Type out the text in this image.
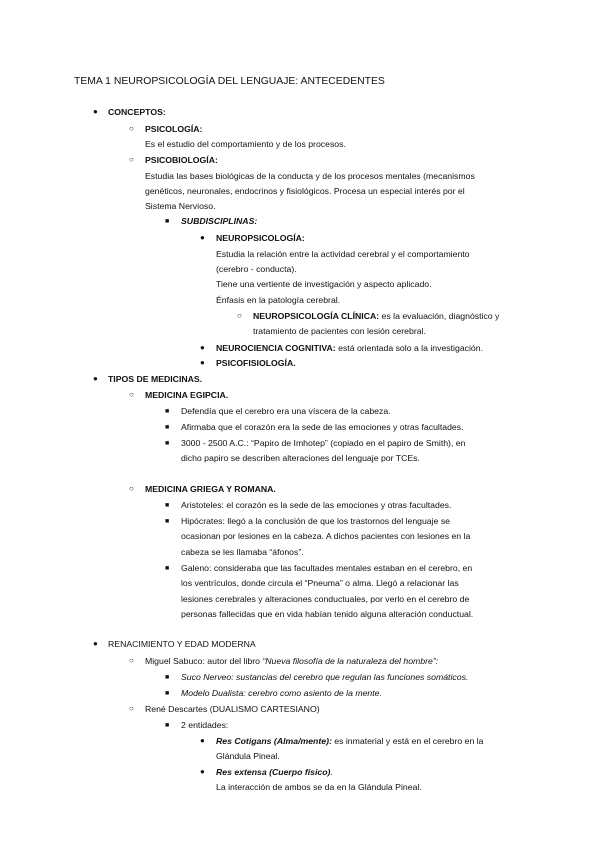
TEMA 1 NEUROPSICOLOGÍA DEL LENGUAJE: ANTECEDENTES
●
CONCEPTOS:
○
PSICOLOGÍA:
Es el estudio del comportamiento y de los procesos.
○
PSICOBIOLOGÍA:
Estudia las bases biológicas de la conducta y de los procesos mentales (mecanismos
genéticos, neuronales, endocrinos y fisiológicos. Procesa un especial interés por el
Sistema Nervioso.
■
SUBDISCIPLINAS:
●
NEUROPSICOLOGÍA:
Estudia la relación entre la actividad cerebral y el comportamiento
(cerebro - conducta).
Tiene una vertiente de investigación y aspecto aplicado.
Énfasis en la patología cerebral.
○
NEUROPSICOLOGÍA CLÍNICA: es la evaluación, diagnóstico y
tratamiento de pacientes con lesión cerebral.
●
NEUROCIENCIA COGNITIVA: está orientada solo a la investigación.
●
PSICOFISIOLOGÍA.
●
TIPOS DE MEDICINAS.
○
MEDICINA EGIPCIA.
■
Defendía que el cerebro era una víscera de la cabeza.
■
Afirmaba que el corazón era la sede de las emociones y otras facultades.
■
3000 - 2500 A.C.: “Papiro de Imhotep” (copiado en el papiro de Smith), en
dicho papiro se describen alteraciones del lenguaje por TCEs.
○
MEDICINA GRIEGA Y ROMANA.
■
Aristoteles: el corazón es la sede de las emociones y otras facultades.
■
Hipócrates: llegó a la conclusión de que los trastornos del lenguaje se
ocasionan por lesiones en la cabeza. A dichos pacientes con lesiones en la
cabeza se les llamaba “áfonos”.
■
Galeno: consideraba que las facultades mentales estaban en el cerebro, en
los ventrículos, donde circula el “Pneuma” o alma. Llegó a relacionar las
lesiones cerebrales y alteraciones conductuales, por verlo en el cerebro de
personas fallecidas que en vida habían tenido alguna alteración conductual.
●
RENACIMIENTO Y EDAD MODERNA
○
Miguel Sabuco: autor del libro “Nueva filosofía de la naturaleza del hombre”:
■
Suco Nerveo: sustancias del cerebro que regulan las funciones somáticos.
■
Modelo Dualista: cerebro como asiento de la mente.
○
René Descartes (DUALISMO CARTESIANO)
■
2 entidades:
●
Res Cotigans (Alma/mente): es inmaterial y está en el cerebro en la
Glándula Pineal.
●
Res extensa (Cuerpo físico).
La interacción de ambos se da en la Glándula Pineal.
